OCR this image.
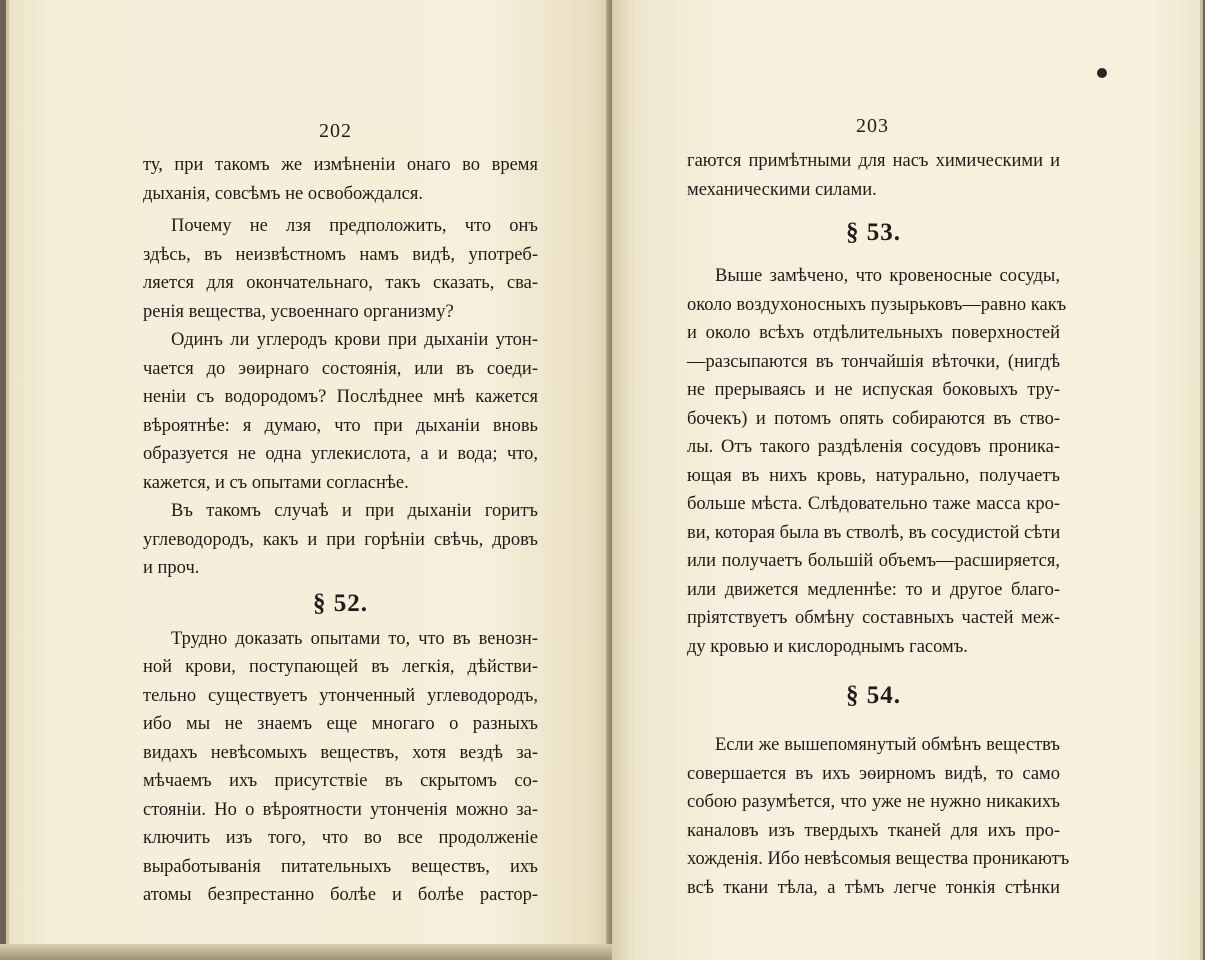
202
ту, при такомъ же измѣненіи онаго во время
дыханія, совсѣмъ не освобождался.
Почему не лзя предположить, что онъ
здѣсь, въ неизвѣстномъ намъ видѣ, употреб-
ляется для окончательнаго, такъ сказать, сва-
ренія вещества, усвоеннаго организму?
Одинъ ли углеродъ крови при дыханіи утон-
чается до эѳирнаго состоянія, или въ соеди-
неніи съ водородомъ? Послѣднее мнѣ кажется
вѣроятнѣе: я думаю, что при дыханіи вновь
образуется не одна углекислота, а и вода; что,
кажется, и съ опытами согласнѣе.
Въ такомъ случаѣ и при дыханіи горитъ
углеводородъ, какъ и при горѣніи свѣчь, дровъ
и проч.
§ 52.
Трудно доказать опытами то, что въ венозн-
ной крови, поступающей въ легкія, дѣйстви-
тельно существуетъ утонченный углеводородъ,
ибо мы не знаемъ еще многаго о разныхъ
видахъ невѣсомыхъ веществъ, хотя вездѣ за-
мѣчаемъ ихъ присутствіе въ скрытомъ со-
стояніи. Но о вѣроятности утонченія можно за-
ключить изъ того, что во все продолженіе
выработыванія питательныхъ веществъ, ихъ
атомы безпрестанно болѣе и болѣе растор-
203
гаются примѣтными для насъ химическими и
механическими силами.
§ 53.
Выше замѣчено, что кровеносные сосуды,
около воздухоносныхъ пузырьковъ—равно какъ
и около всѣхъ отдѣлительныхъ поверхностей
—разсыпаются въ тончайшія вѣточки, (нигдѣ
не прерываясь и не испуская боковыхъ тру-
бочекъ) и потомъ опять собираются въ ство-
лы. Отъ такого раздѣленія сосудовъ проника-
ющая въ нихъ кровь, натурально, получаетъ
больше мѣста. Слѣдовательно таже масса кро-
ви, которая была въ стволѣ, въ сосудистой сѣти
или получаетъ большій объемъ—расширяется,
или движется медленнѣе: то и другое благо-
пріятствуетъ обмѣну составныхъ частей меж-
ду кровью и кислороднымъ гасомъ.
§ 54.
Если же вышепомянутый обмѣнъ веществъ
совершается въ ихъ эѳирномъ видѣ, то само
собою разумѣется, что уже не нужно никакихъ
каналовъ изъ твердыхъ тканей для ихъ про-
хожденія. Ибо невѣсомыя вещества проникаютъ
всѣ ткани тѣла, а тѣмъ легче тонкія стѣнки
